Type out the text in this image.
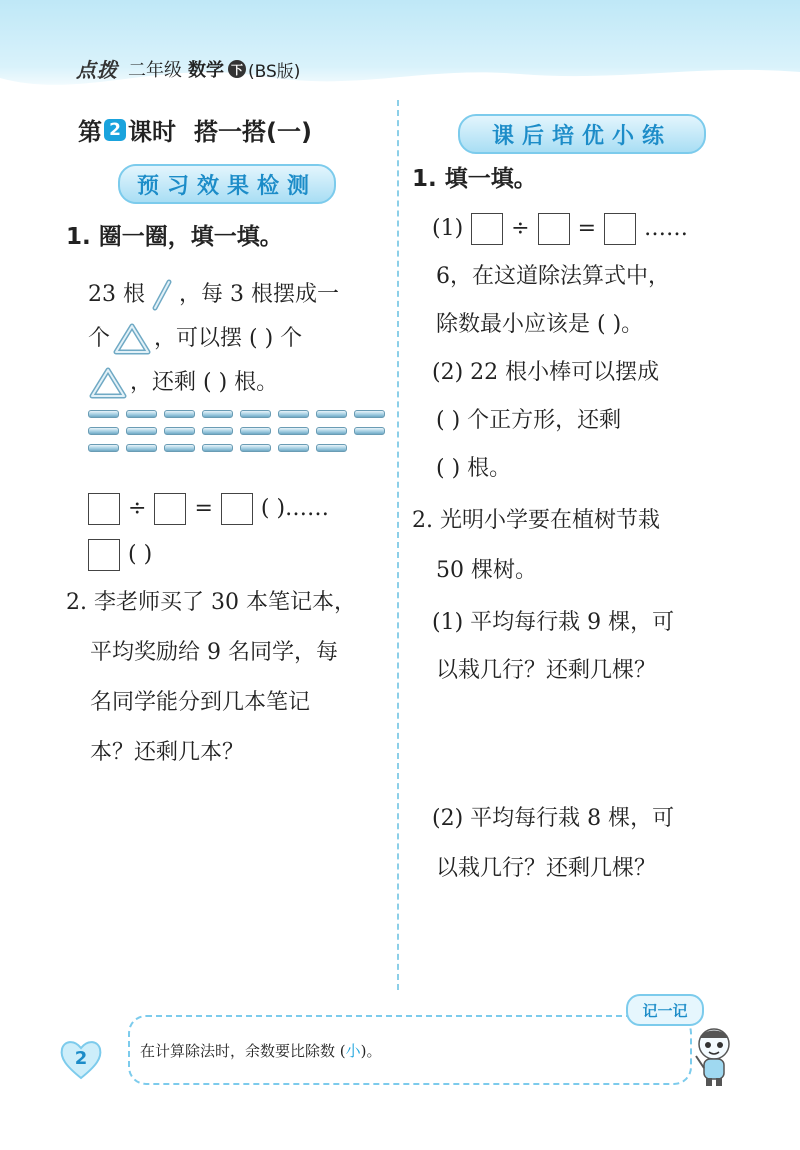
点拨 二年级 数学 下 (BS版)
第 2 课时 搭一搭(一)
预习效果检测
1. 圈一圈，填一填。
23 根 ，每 3 根摆成一
个 ，可以摆 ( ) 个
，还剩 ( ) 根。
÷ = ( )……
( )
2. 李老师买了 30 本笔记本，
平均奖励给 9 名同学，每
名同学能分到几本笔记
本？还剩几本？
课后培优小练
1. 填一填。
(1) ÷ = ……
6，在这道除法算式中，
除数最小应该是 ( )。
(2) 22 根小棒可以摆成
( ) 个正方形，还剩
( ) 根。
2. 光明小学要在植树节栽
50 棵树。
(1) 平均每行栽 9 棵，可
以栽几行？还剩几棵？
(2) 平均每行栽 8 棵，可
以栽几行？还剩几棵？
2
记一记
在计算除法时，余数要比除数 (小)。
